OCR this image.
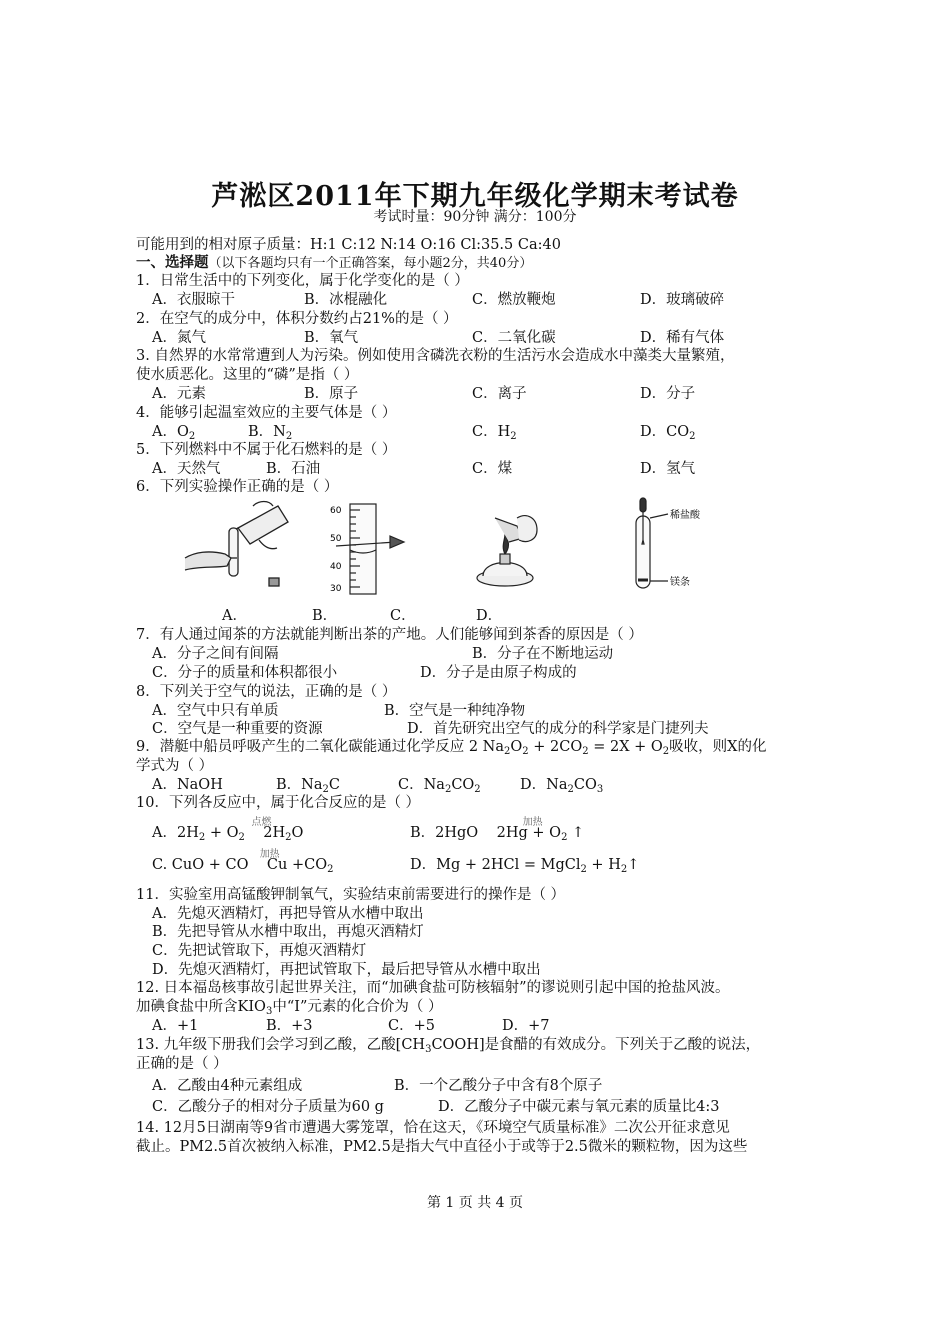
芦淞区2011年下期九年级化学期末考试卷
考试时量：90分钟 满分：100分
可能用到的相对原子质量：H:1 C:12 N:14 O:16 Cl:35.5 Ca:40
一、选择题（以下各题均只有一个正确答案，每小题2分，共40分）
1．日常生活中的下列变化，属于化学变化的是（ ）
A．衣服晾干	B．冰棍融化	C．燃放鞭炮	D．玻璃破碎
2．在空气的成分中，体积分数约占21%的是（ ）
A．氮气	B．氧气	C．二氧化碳	D．稀有气体
3. 自然界的水常常遭到人为污染。例如使用含磷洗衣粉的生活污水会造成水中藻类大量繁殖，
使水质恶化。这里的“磷”是指（ ）
A．元素	B．原子	C．离子	D．分子
4．能够引起温室效应的主要气体是（ ）
A．$O_2$	B．$N_2$	C．$H_2$	D．$CO_2$
5．下列燃料中不属于化石燃料的是（ ）
A．天然气	B．石油	C．煤	D．氢气
6．下列实验操作正确的是（ ）
60
50
40
30
稀盐酸
镁条
A．	B．	C．	D．
7．有人通过闻茶的方法就能判断出茶的产地。人们能够闻到茶香的原因是（ ）
A．分子之间有间隔	B．分子在不断地运动
C．分子的质量和体积都很小	D．分子是由原子构成的
8．下列关于空气的说法，正确的是（ ）
A．空气中只有单质	B．空气是一种纯净物
C．空气是一种重要的资源	D．首先研究出空气的成分的科学家是门捷列夫
9．潜艇中船员呼吸产生的二氧化碳能通过化学反应 2 $Na_2O_2 + 2CO_2 = 2X + O_2$吸收，则X的化
学式为（ ）
A．NaOH	B．$Na_2C$	C．$Na_2CO_2$	D．$Na_2CO_3$
10．下列各反应中，属于化合反应的是（ ）
A．$2H_2 + O_2$
点燃
$2H_2O$	B．2HgO
加热
$2Hg + O_2$ ↑
C. CuO + CO
加热
$Cu +CO_2$	D．Mg + 2HCl = MgCl$_2$ + $H_2↑$
11．实验室用高锰酸钾制氧气，实验结束前需要进行的操作是（ ）
A．先熄灭酒精灯，再把导管从水槽中取出
B．先把导管从水槽中取出，再熄灭酒精灯
C．先把试管取下，再熄灭酒精灯
D．先熄灭酒精灯，再把试管取下，最后把导管从水槽中取出
12. 日本福岛核事故引起世界关注，而“加碘食盐可防核辐射”的谬说则引起中国的抢盐风波。
加碘食盐中所含$KIO_3$中“I”元素的化合价为（ ）
A．+1	B．+3	C．+5	D．+7
13. 九年级下册我们会学习到乙酸，乙酸$[CH_3COOH]$是食醋的有效成分。下列关于乙酸的说法，
正确的是（ ）
A．乙酸由4种元素组成	B．一个乙酸分子中含有8个原子
C．乙酸分子的相对分子质量为60 g	D．乙酸分子中碳元素与氧元素的质量比4:3
14. 12月5日湖南等9省市遭遇大雾笼罩，恰在这天，《环境空气质量标准》二次公开征求意见
截止。PM2.5首次被纳入标准，PM2.5是指大气中直径小于或等于2.5微米的颗粒物，因为这些
第 1 页 共 4 页
